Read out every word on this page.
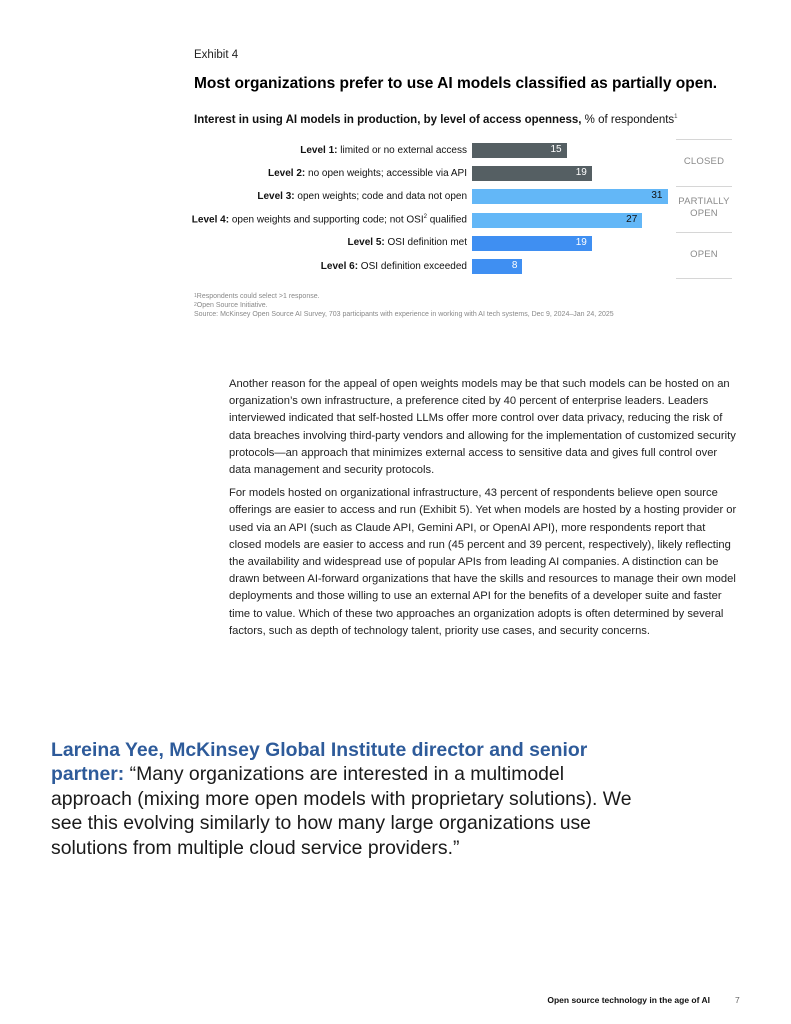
Exhibit 4
Most organizations prefer to use AI models classified as partially open.
Interest in using AI models in production, by level of access openness, % of respondents$^1$
Level 1: limited or no external access	15
Level 2: no open weights; accessible via API	19
Level 3: open weights; code and data not open	31
Level 4: open weights and supporting code; not OSI$^2$ qualified	27
Level 5: OSI definition met	19
Level 6: OSI definition exceeded	8
CLOSED
PARTIALLY
OPEN
OPEN
$^1$Respondents could select >1 response.
$^2$Open Source Initiative.
Source: McKinsey Open Source AI Survey, 703 participants with experience in working with AI tech systems, Dec 9, 2024–Jan 24, 2025

Another reason for the appeal of open weights models may be that such models can be hosted on an organization’s own infrastructure, a preference cited by 40 percent of enterprise leaders. Leaders interviewed indicated that self-hosted LLMs offer more control over data privacy, reducing the risk of data breaches involving third-party vendors and allowing for the implementation of customized security protocols—an approach that minimizes external access to sensitive data and gives full control over data management and security protocols.

For models hosted on organizational infrastructure, 43 percent of respondents believe open source offerings are easier to access and run (Exhibit 5). Yet when models are hosted by a hosting provider or used via an API (such as Claude API, Gemini API, or OpenAI API), more respondents report that closed models are easier to access and run (45 percent and 39 percent, respectively), likely reflecting the availability and widespread use of popular APIs from leading AI companies. A distinction can be drawn between AI-forward organizations that have the skills and resources to manage their own model deployments and those willing to use an external API for the benefits of a developer suite and faster time to value. Which of these two approaches an organization adopts is often determined by several factors, such as depth of technology talent, priority use cases, and security concerns.

Lareina Yee, McKinsey Global Institute director and senior partner: “Many organizations are interested in a multimodel approach (mixing more open models with proprietary solutions). We see this evolving similarly to how many large organizations use solutions from multiple cloud service providers.”
Open source technology in the age of AI	7
